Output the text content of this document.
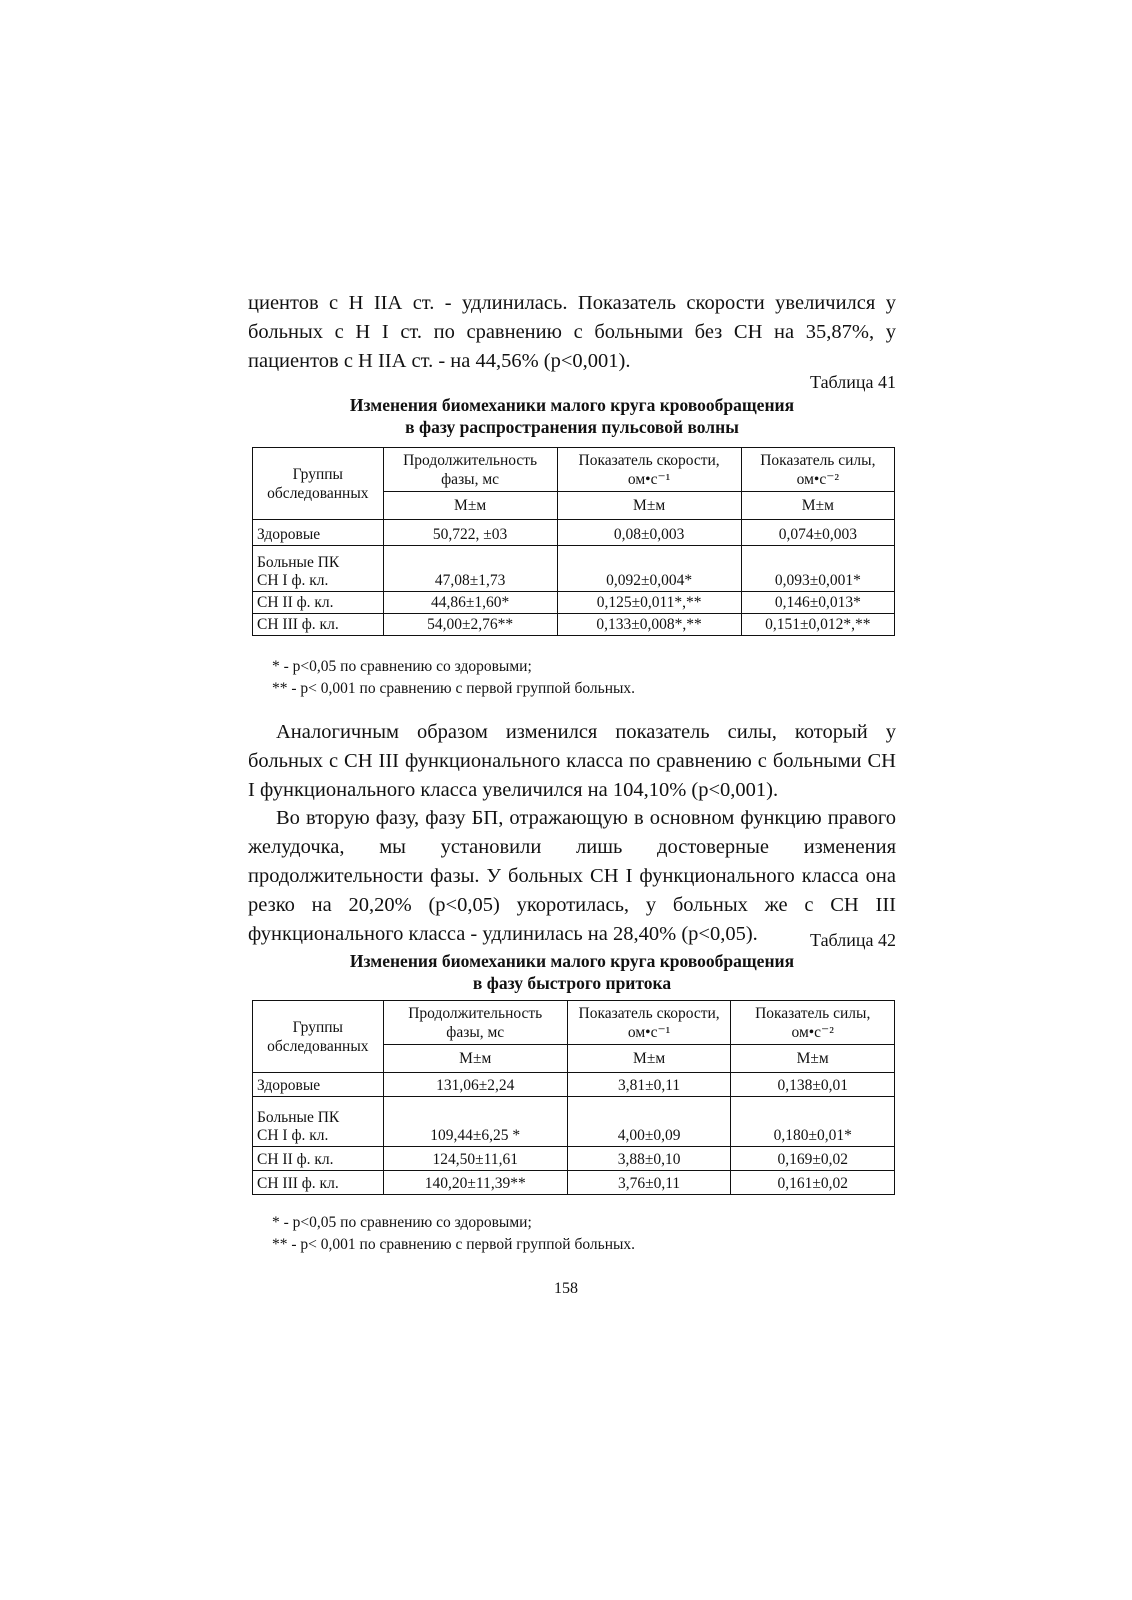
циентов с Н IIА ст. - удлинилась. Показатель скорости увеличился у больных с Н I ст. по сравнению с больными без СН на 35,87%, у пациентов с Н IIА ст. - на 44,56% (р<0,001).

Таблица 41

Изменения биомеханики малого круга кровообращения

в фазу распространения пульсовой волны

Группы обследованных	Продолжительность фазы, мс	Показатель скорости, ом•с⁻¹	Показатель силы, ом•с⁻²
	М±м	М±м	М±м
Здоровые	50,722, ±03	0,08±0,003	0,074±0,003
Больные ПК
СН I ф. кл.	47,08±1,73	0,092±0,004*	0,093±0,001*
СН II ф. кл.	44,86±1,60*	0,125±0,011*,**	0,146±0,013*
СН III ф. кл.	54,00±2,76**	0,133±0,008*,**	0,151±0,012*,**

* - р<0,05 по сравнению со здоровыми;

** - р< 0,001 по сравнению с первой группой больных.

Аналогичным образом изменился показатель силы, который у больных с СН III функционального класса по сравнению с больными СН I функционального класса увеличился на 104,10% (р<0,001).

Во вторую фазу, фазу БП, отражающую в основном функцию правого желудочка, мы установили лишь достоверные изменения продолжительности фазы. У больных СН I функционального класса она резко на 20,20% (р<0,05) укоротилась, у больных же с СН III функционального класса - удлинилась на 28,40% (р<0,05).	Таблица 42

Изменения биомеханики малого круга кровообращения

в фазу быстрого притока

Группы обследованных	Продолжительность фазы, мс	Показатель скорости, ом•с⁻¹	Показатель силы, ом•с⁻²
	М±м	М±м	М±м
Здоровые	131,06±2,24	3,81±0,11	0,138±0,01
Больные ПК
СН I ф. кл.	109,44±6,25 *	4,00±0,09	0,180±0,01*
СН II ф. кл.	124,50±11,61	3,88±0,10	0,169±0,02
СН III ф. кл.	140,20±11,39**	3,76±0,11	0,161±0,02

* - р<0,05 по сравнению со здоровыми;

** - р< 0,001 по сравнению с первой группой больных.

158
